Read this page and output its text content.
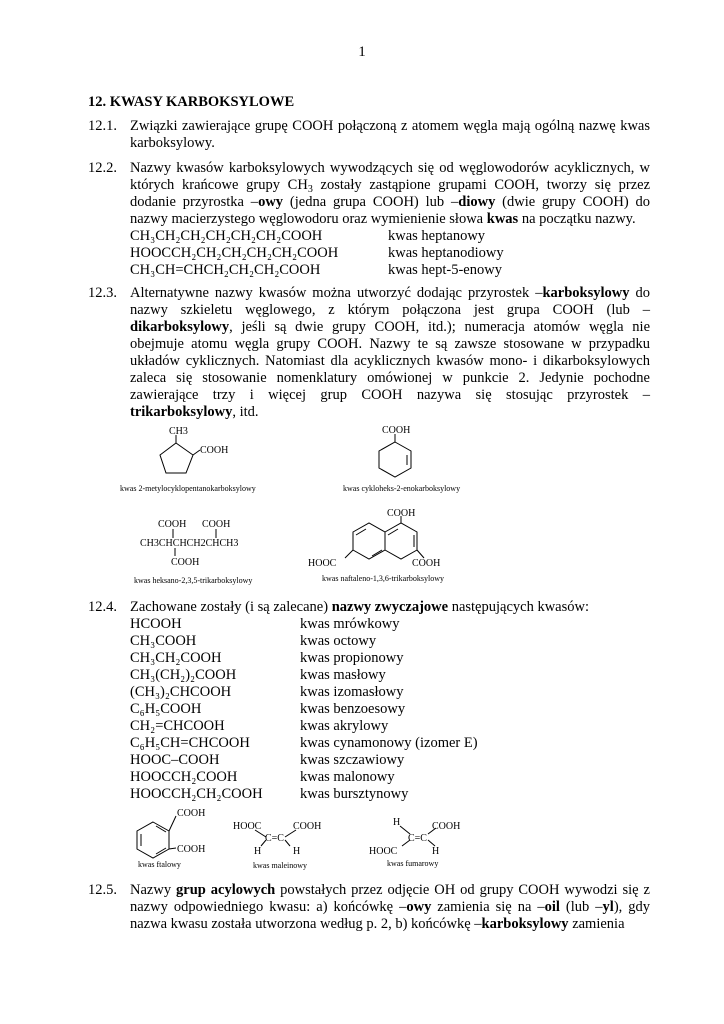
1
12. KWASY KARBOKSYLOWE
12.1. Związki zawierające grupę COOH połączoną z atomem węgla mają ogólną nazwę kwas karboksylowy.
12.2. Nazwy kwasów karboksylowych wywodzących się od węglowodorów acyklicznych, w których krańcowe grupy $CH_3$ zostały zastąpione grupami COOH, tworzy się przez dodanie przyrostka –owy (jedna grupa COOH) lub –diowy (dwie grupy COOH) do nazwy macierzystego węglowodoru oraz wymienienie słowa kwas na początku nazwy.
CH₃CH₂CH₂CH₂CH₂CH₂COOH	kwas heptanowy
HOOCCH₂CH₂CH₂CH₂CH₂COOH	kwas heptanodiowy
CH₃CH=CHCH₂CH₂CH₂COOH	kwas hept-5-enowy
12.3. Alternatywne nazwy kwasów można utworzyć dodając przyrostek –karboksylowy do nazwy szkieletu węglowego, z którym połączona jest grupa COOH (lub – dikarboksylowy, jeśli są dwie grupy COOH, itd.); numeracja atomów węgla nie obejmuje atomu węgla grupy COOH. Nazwy te są zawsze stosowane w przypadku układów cyklicznych. Natomiast dla acyklicznych kwasów mono- i dikarboksylowych zaleca się stosowanie nomenklatury omówionej w punkcie 2. Jedynie pochodne zawierające trzy i więcej grup COOH nazywa się stosując przyrostek – trikarboksylowy, itd.
CH3
COOH
kwas 2-metylocyklopentanokarboksylowy
COOH
kwas cykloheks-2-enokarboksylowy
COOH COOH
CH3CHCHCH2CHCH3
COOH
kwas heksano-2,3,5-trikarboksylowy
COOH
HOOC	COOH
kwas naftaleno-1,3,6-trikarboksylowy
12.4. Zachowane zostały (i są zalecane) nazwy zwyczajowe następujących kwasów:
HCOOH	kwas mrówkowy
CH₃COOH	kwas octowy
CH₃CH₂COOH	kwas propionowy
CH₃(CH₂)₂COOH	kwas masłowy
(CH₃)₂CHCOOH	kwas izomasłowy
C₆H₅COOH	kwas benzoesowy
CH₂=CHCOOH	kwas akrylowy
C₆H₅CH=CHCOOH	kwas cynamonowy (izomer E)
HOOC–COOH	kwas szczawiowy
HOOCCH₂COOH	kwas malonowy
HOOCCH₂CH₂COOH	kwas bursztynowy
COOH
COOH
kwas ftalowy
HOOC	COOH
C=C
H	H
kwas maleinowy
H	COOH
C=C
HOOC	H
kwas fumarowy
12.5. Nazwy grup acylowych powstałych przez odjęcie OH od grupy COOH wywodzi się z nazwy odpowiedniego kwasu: a) końcówkę –owy zamienia się na –oil (lub –yl), gdy nazwa kwasu została utworzona według p. 2, b) końcówkę –karboksylowy zamienia
